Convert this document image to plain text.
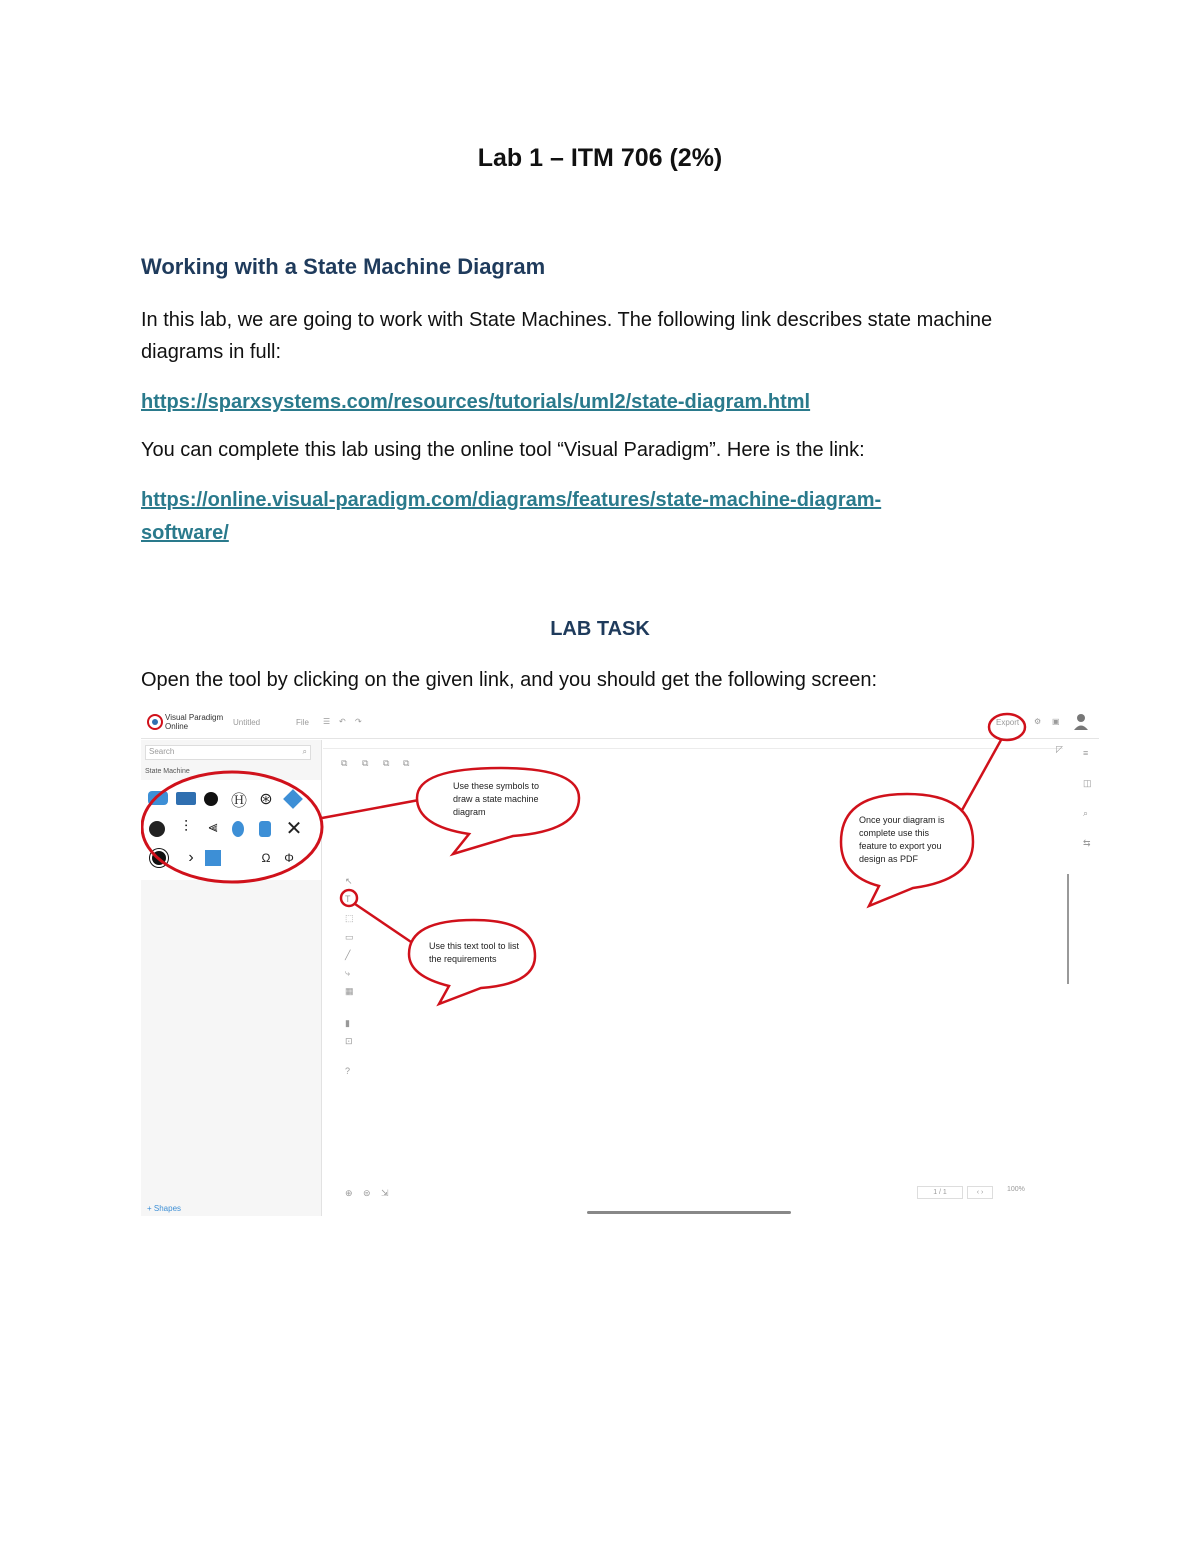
Lab 1 – ITM 706 (2%)
Working with a State Machine Diagram
In this lab, we are going to work with State Machines. The following link describes state machine diagrams in full:
https://sparxsystems.com/resources/tutorials/uml2/state-diagram.html
You can complete this lab using the online tool “Visual Paradigm”. Here is the link:
https://online.visual-paradigm.com/diagrams/features/state-machine-diagram-
software/
LAB TASK
Open the tool by clicking on the given link, and you should get the following screen:
Visual Paradigm
Online	Untitled	File ☰ ↶ ↷	Export ⚙ ▣
Search	⌕
State Machine
+ Shapes
Ⓗ ⊛
⫶	⫷	✕
›	Ω	Φ
⧉ ⧉ ⧉ ⧉
↖
T
⬚
▭
╱
⤷
▦
▮
⊡
?
◸ ≡
◫
⌕
⇆
⊕ ⊜ ⇲	1 / 1	‹ ›	100%
Use these symbols to draw a state machine diagram
Use this text tool to list the requirements
Once your diagram is complete use this feature to export you design as PDF
